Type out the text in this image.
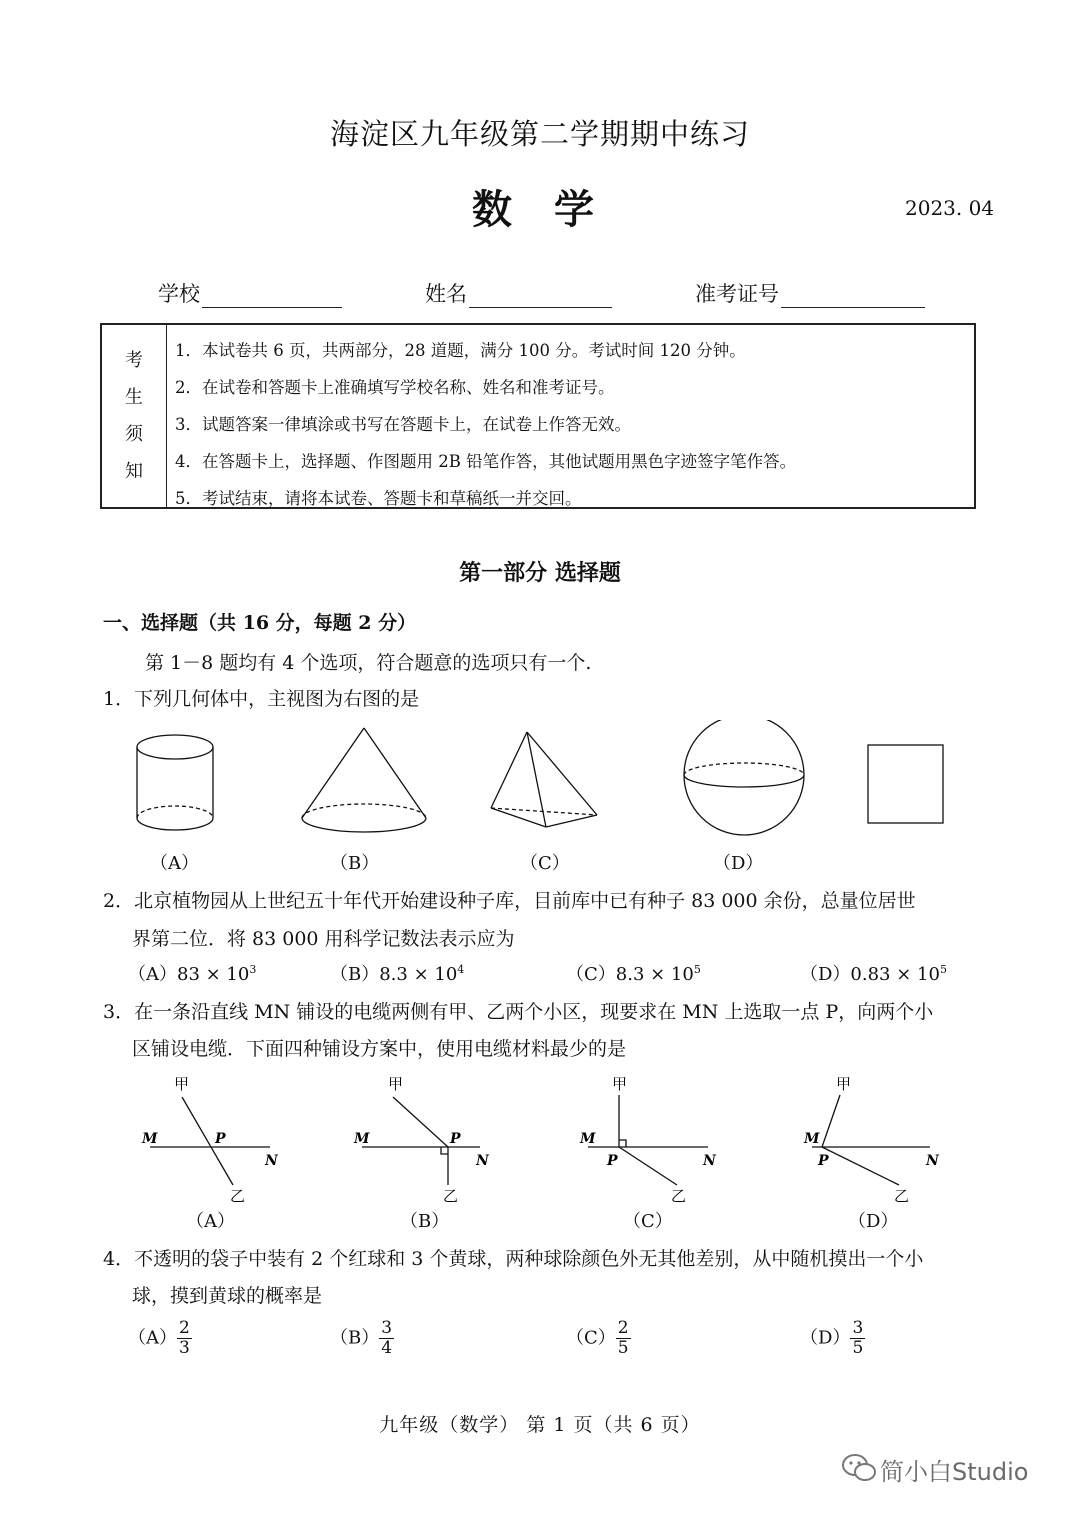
海淀区九年级第二学期期中练习
数 学	2023. 04
学校	姓名	准考证号
考
生
须
知
1．本试卷共 6 页，共两部分，28 道题，满分 100 分。考试时间 120 分钟。
2．在试卷和答题卡上准确填写学校名称、姓名和准考证号。
3．试题答案一律填涂或书写在答题卡上，在试卷上作答无效。
4．在答题卡上，选择题、作图题用 2B 铅笔作答，其他试题用黑色字迹签字笔作答。
5．考试结束，请将本试卷、答题卡和草稿纸一并交回。
第一部分 选择题
一、选择题（共 16 分，每题 2 分）
第 1－8 题均有 4 个选项，符合题意的选项只有一个.
1．下列几何体中，主视图为右图的是
（A）	（B）	（C）	（D）
2．北京植物园从上世纪五十年代开始建设种子库，目前库中已有种子 83 000 余份，总量位居世
界第二位．将 83 000 用科学记数法表示应为
$(A)83 \times 10^3$	$(B)8.3 \times 10^4$	$(C)8.3 \times 10^5$	$(D)0.83 \times 10^5$
3．在一条沿直线 MN 铺设的电缆两侧有甲、乙两个小区，现要求在 MN 上选取一点 P，向两个小
区铺设电缆．下面四种铺设方案中，使用电缆材料最少的是
甲
M	P
N
乙
甲
M	P
N
乙
甲
M
P	N
乙
甲
M
P	N
乙
（A）	（B）	（C）	（D）
4．不透明的袋子中装有 2 个红球和 3 个黄球，两种球除颜色外无其他差别，从中随机摸出一个小
球，摸到黄球的概率是
$(A) \frac{2}{3}$	$(B) \frac{3}{4}$	$(C) \frac{2}{5}$	$(D) \frac{3}{5}$
九年级（数学） 第 1 页（共 6 页）
简小白Studio
